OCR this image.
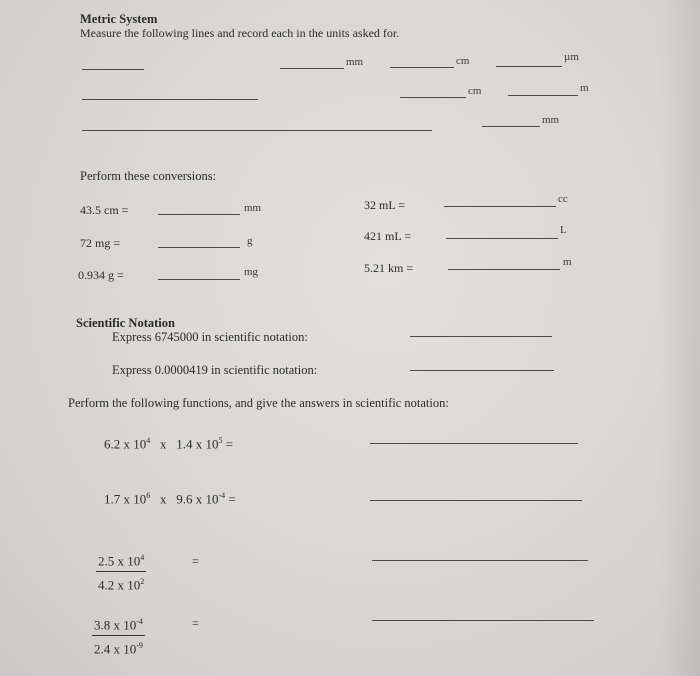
Metric System
Measure the following lines and record each in the units asked for.
mm	cm	µm
cm	m
mm
Perform these conversions:
43.5 cm =	mm
72 mg =	g
0.934 g =	mg
32 mL =	cc
421 mL =	L
5.21 km =	m
Scientific Notation
Express 6745000 in scientific notation:
Express 0.0000419 in scientific notation:
Perform the following functions, and give the answers in scientific notation:
6.2 x $10^4$ x 1.4 x $10^5$ =
1.7 x $10^6$ x 9.6 x $10^{-4}$ =
$\frac{2.5 x 10^4}{4.2 x 10^2}$	=
$\frac{3.8 x 10^{-4}}{2.4 x 10^{-9}}$	=
